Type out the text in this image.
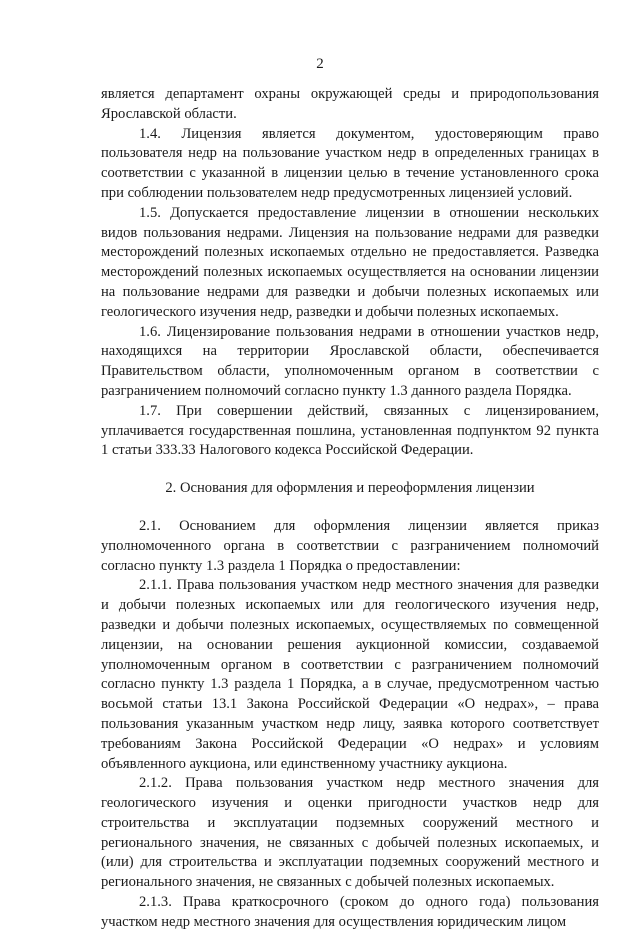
2

является департамент охраны окружающей среды и природопользования Ярославской области.

1.4. Лицензия является документом, удостоверяющим право пользователя недр на пользование участком недр в определенных границах в соответствии с указанной в лицензии целью в течение установленного срока при соблюдении пользователем недр предусмотренных лицензией условий.

1.5. Допускается предоставление лицензии в отношении нескольких видов пользования недрами. Лицензия на пользование недрами для разведки месторождений полезных ископаемых отдельно не предоставляется. Разведка месторождений полезных ископаемых осуществляется на основании лицензии на пользование недрами для разведки и добычи полезных ископаемых или геологического изучения недр, разведки и добычи полезных ископаемых.

1.6. Лицензирование пользования недрами в отношении участков недр, находящихся на территории Ярославской области, обеспечивается Правительством области, уполномоченным органом в соответствии с разграничением полномочий согласно пункту 1.3 данного раздела Порядка.

1.7. При совершении действий, связанных с лицензированием, уплачивается государственная пошлина, установленная подпунктом 92 пункта 1 статьи 333.33 Налогового кодекса Российской Федерации.

2. Основания для оформления и переоформления лицензии

2.1. Основанием для оформления лицензии является приказ уполномоченного органа в соответствии с разграничением полномочий согласно пункту 1.3 раздела 1 Порядка о предоставлении:

2.1.1. Права пользования участком недр местного значения для разведки и добычи полезных ископаемых или для геологического изучения недр, разведки и добычи полезных ископаемых, осуществляемых по совмещенной лицензии, на основании решения аукционной комиссии, создаваемой уполномоченным органом в соответствии с разграничением полномочий согласно пункту 1.3 раздела 1 Порядка, а в случае, предусмотренном частью восьмой статьи 13.1 Закона Российской Федерации «О недрах», – права пользования указанным участком недр лицу, заявка которого соответствует требованиям Закона Российской Федерации «О недрах» и условиям объявленного аукциона, или единственному участнику аукциона.

2.1.2. Права пользования участком недр местного значения для геологического изучения и оценки пригодности участков недр для строительства и эксплуатации подземных сооружений местного и регионального значения, не связанных с добычей полезных ископаемых, и (или) для строительства и эксплуатации подземных сооружений местного и регионального значения, не связанных с добычей полезных ископаемых.

2.1.3. Права краткосрочного (сроком до одного года) пользования участком недр местного значения для осуществления юридическим лицом
